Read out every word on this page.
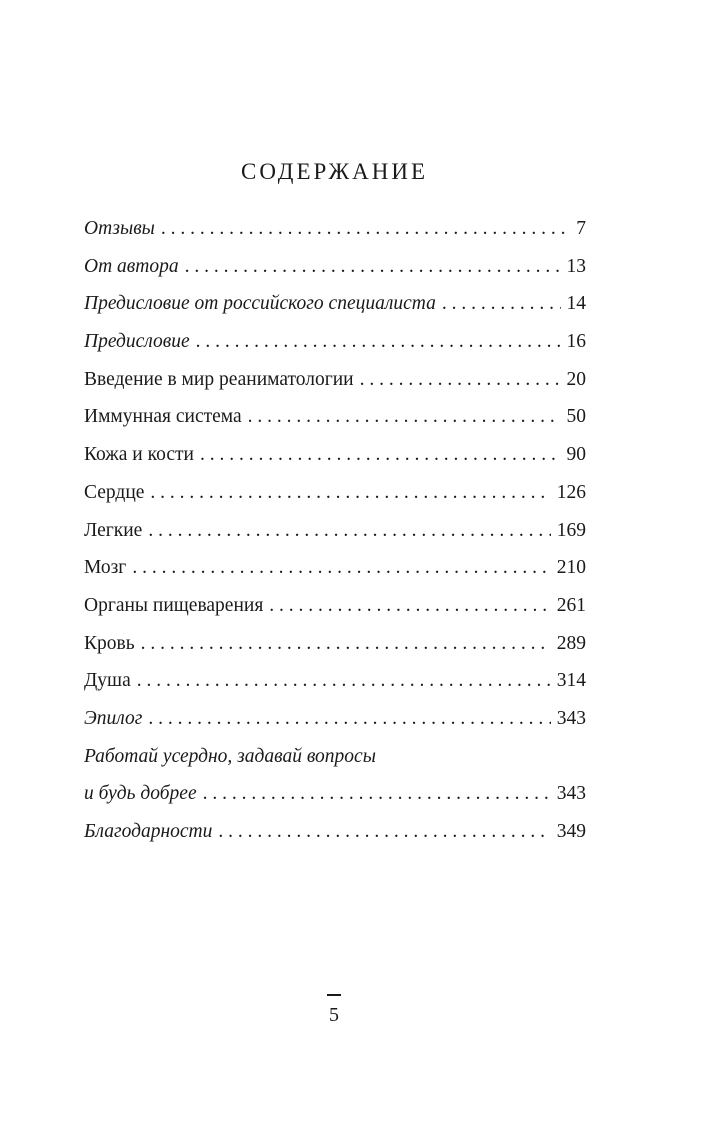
СОДЕРЖАНИЕ
Отзывы . . .	7
От автора . . .	13
Предисловие от российского специалиста . . .	14
Предисловие . . .	16
Введение в мир реаниматологии . . .	20
Иммунная система . . .	50
Кожа и кости . . .	90
Сердце . . .	126
Легкие . . .	169
Мозг . . .	210
Органы пищеварения . . .	261
Кровь . . .	289
Душа . . .	314
Эпилог . . .	343
Работай усердно, задавай вопросы
и будь добрее . . .	343
Благодарности . . .	349
5
